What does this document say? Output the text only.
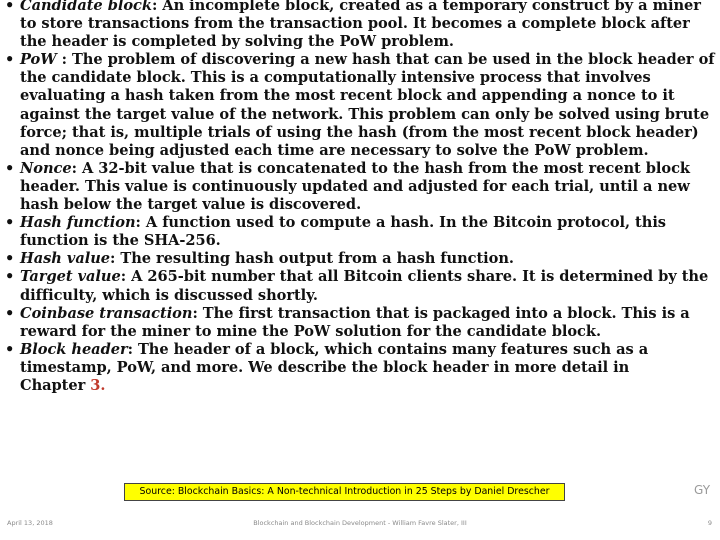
• Candidate block: An incomplete block, created as a temporary construct by a miner to store transactions from the transaction pool. It becomes a complete block after the header is completed by solving the PoW problem.

• PoW : The problem of discovering a new hash that can be used in the block header of the candidate block. This is a computationally intensive process that involves evaluating a hash taken from the most recent block and appending a nonce to it against the target value of the network. This problem can only be solved using brute force; that is, multiple trials of using the hash (from the most recent block header) and nonce being adjusted each time are necessary to solve the PoW problem.

• Nonce: A 32-bit value that is concatenated to the hash from the most recent block header. This value is continuously updated and adjusted for each trial, until a new hash below the target value is discovered.

• Hash function: A function used to compute a hash. In the Bitcoin protocol, this function is the SHA-256.

• Hash value: The resulting hash output from a hash function.

• Target value: A 265-bit number that all Bitcoin clients share. It is determined by the difficulty, which is discussed shortly.

• Coinbase transaction: The first transaction that is packaged into a block. This is a reward for the miner to mine the PoW solution for the candidate block.

• Block header: The header of a block, which contains many features such as a timestamp, PoW, and more. We describe the block header in more detail in
Chapter 3.

Source: Blockchain Basics: A Non-technical Introduction in 25 Steps by Daniel Drescher	GY
April 13, 2018	Blockchain and Blockchain Development - William Favre Slater, III	9
